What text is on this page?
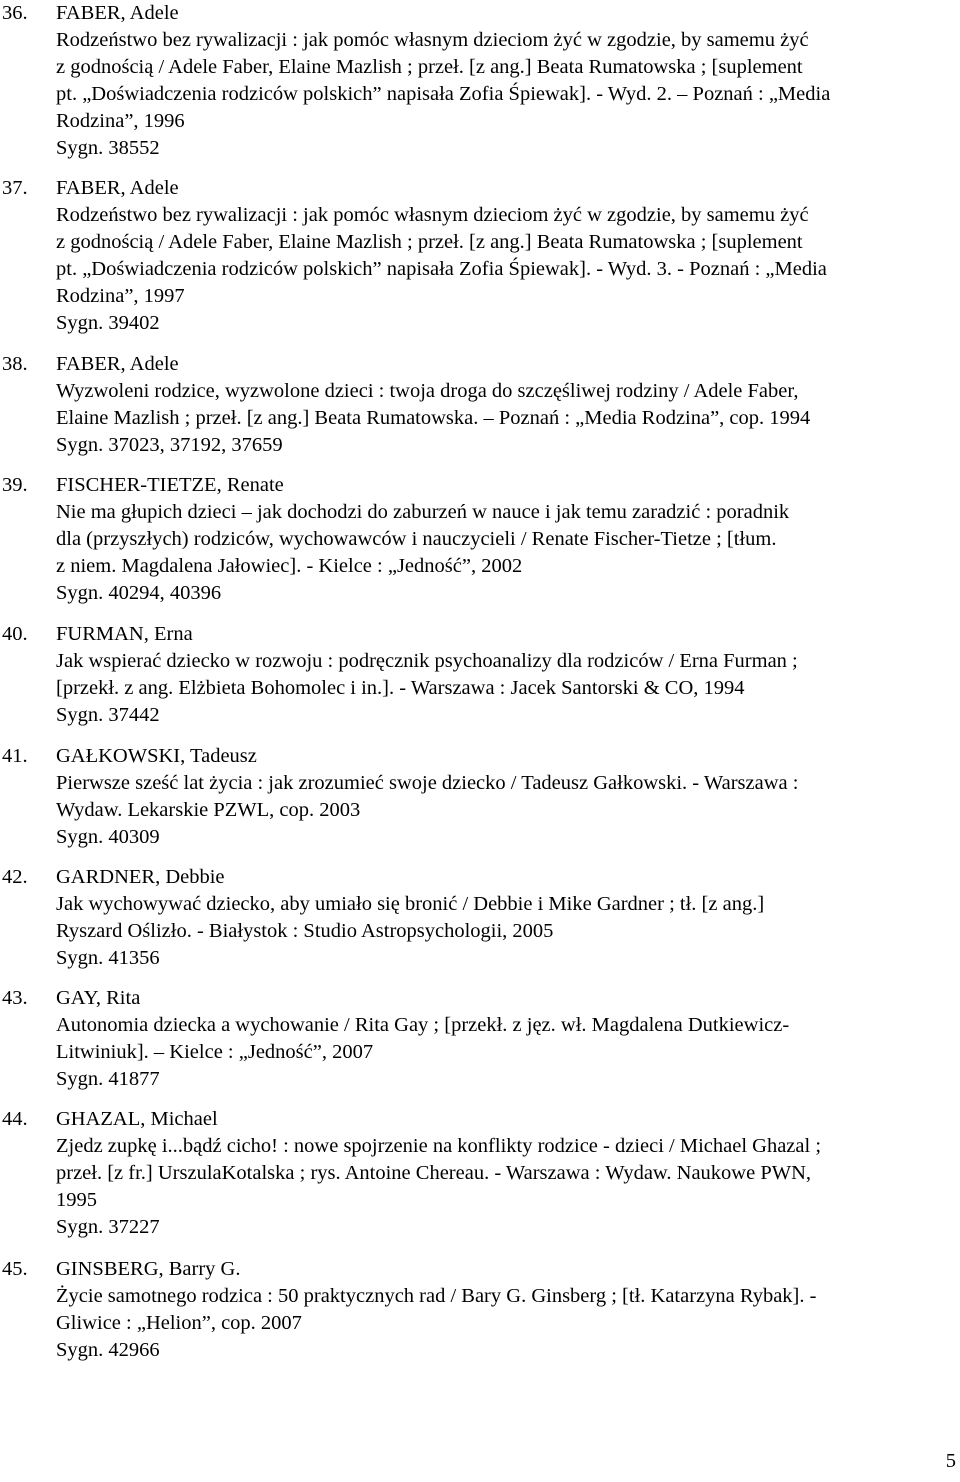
36. FABER, Adele
Rodzeństwo bez rywalizacji : jak pomóc własnym dzieciom żyć w zgodzie, by samemu żyć
z godnością / Adele Faber, Elaine Mazlish ; przeł. [z ang.] Beata Rumatowska ; [suplement
pt. „Doświadczenia rodziców polskich” napisała Zofia Śpiewak]. - Wyd. 2. – Poznań : „Media
Rodzina”, 1996
Sygn. 38552
37. FABER, Adele
Rodzeństwo bez rywalizacji : jak pomóc własnym dzieciom żyć w zgodzie, by samemu żyć
z godnością / Adele Faber, Elaine Mazlish ; przeł. [z ang.] Beata Rumatowska ; [suplement
pt. „Doświadczenia rodziców polskich” napisała Zofia Śpiewak]. - Wyd. 3. - Poznań : „Media
Rodzina”, 1997
Sygn. 39402
38. FABER, Adele
Wyzwoleni rodzice, wyzwolone dzieci : twoja droga do szczęśliwej rodziny / Adele Faber,
Elaine Mazlish ; przeł. [z ang.] Beata Rumatowska. – Poznań : „Media Rodzina”, cop. 1994
Sygn. 37023, 37192, 37659
39. FISCHER-TIETZE, Renate
Nie ma głupich dzieci – jak dochodzi do zaburzeń w nauce i jak temu zaradzić : poradnik
dla (przyszłych) rodziców, wychowawców i nauczycieli / Renate Fischer-Tietze ; [tłum.
z niem. Magdalena Jałowiec]. - Kielce : „Jedność”, 2002
Sygn. 40294, 40396
40. FURMAN, Erna
Jak wspierać dziecko w rozwoju : podręcznik psychoanalizy dla rodziców / Erna Furman ;
[przekł. z ang. Elżbieta Bohomolec i in.]. - Warszawa : Jacek Santorski & CO, 1994
Sygn. 37442
41. GAŁKOWSKI, Tadeusz
Pierwsze sześć lat życia : jak zrozumieć swoje dziecko / Tadeusz Gałkowski. - Warszawa :
Wydaw. Lekarskie PZWL, cop. 2003
Sygn. 40309
42. GARDNER, Debbie
Jak wychowywać dziecko, aby umiało się bronić / Debbie i Mike Gardner ; tł. [z ang.]
Ryszard Oślizło. - Białystok : Studio Astropsychologii, 2005
Sygn. 41356
43. GAY, Rita
Autonomia dziecka a wychowanie / Rita Gay ; [przekł. z jęz. wł. Magdalena Dutkiewicz-
Litwiniuk]. – Kielce : „Jedność”, 2007
Sygn. 41877
44. GHAZAL, Michael
Zjedz zupkę i...bądź cicho! : nowe spojrzenie na konflikty rodzice - dzieci / Michael Ghazal ;
przeł. [z fr.] UrszulaKotalska ; rys. Antoine Chereau. - Warszawa : Wydaw. Naukowe PWN,
1995
Sygn. 37227
45. GINSBERG, Barry G.
Życie samotnego rodzica : 50 praktycznych rad / Bary G. Ginsberg ; [tł. Katarzyna Rybak]. -
Gliwice : „Helion”, cop. 2007
Sygn. 42966
5
